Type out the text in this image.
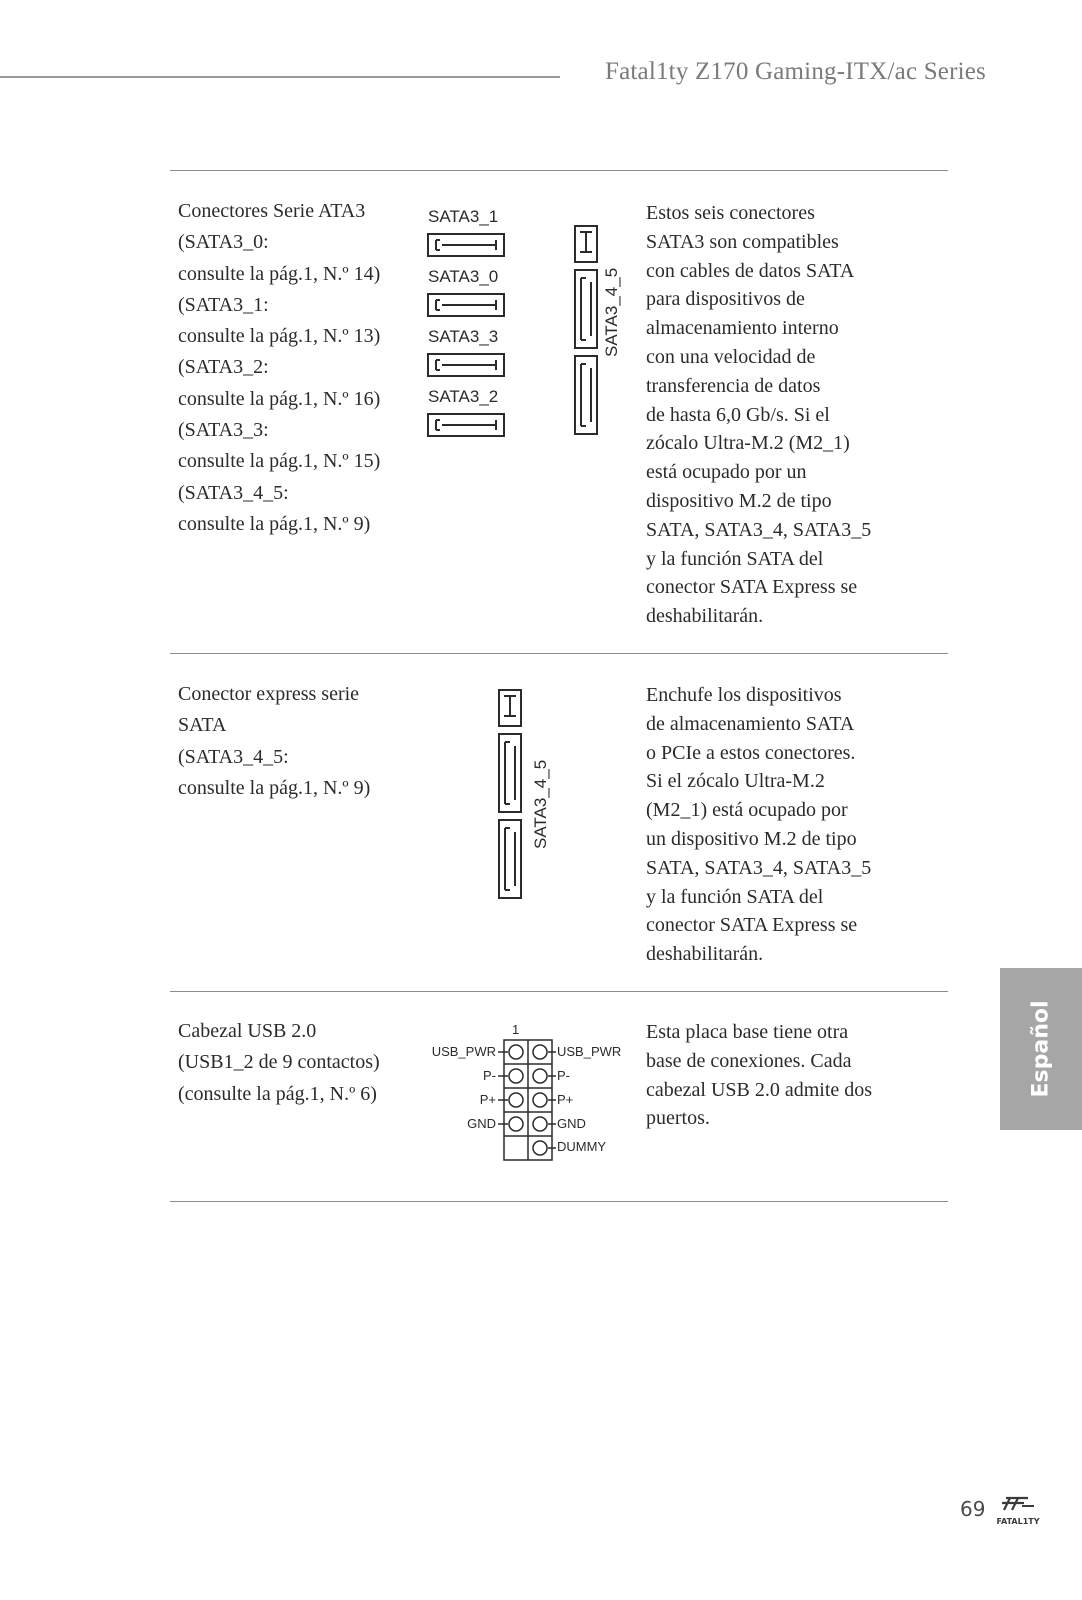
Fatal1ty Z170 Gaming-ITX/ac Series
Conectores Serie ATA3
(SATA3_0:
consulte la pág.1, N.º 14)
(SATA3_1:
consulte la pág.1, N.º 13)
(SATA3_2:
consulte la pág.1, N.º 16)
(SATA3_3:
consulte la pág.1, N.º 15)
(SATA3_4_5:
consulte la pág.1, N.º 9)
SATA3_1
SATA3_0
SATA3_3
SATA3_2
SATA3_4_5
Estos seis conectores
SATA3 son compatibles
con cables de datos SATA
para dispositivos de
almacenamiento interno
con una velocidad de
transferencia de datos
de hasta 6,0 Gb/s. Si el
zócalo Ultra-M.2 (M2_1)
está ocupado por un
dispositivo M.2 de tipo
SATA, SATA3_4, SATA3_5
y la función SATA del
conector SATA Express se
deshabilitarán.
Conector express serie
SATA
(SATA3_4_5:
consulte la pág.1, N.º 9)	SATA3_4_5
Enchufe los dispositivos
de almacenamiento SATA
o PCIe a estos conectores.
Si el zócalo Ultra-M.2
(M2_1) está ocupado por
un dispositivo M.2 de tipo
SATA, SATA3_4, SATA3_5
y la función SATA del
conector SATA Express se
deshabilitarán.
Cabezal USB 2.0
(USB1_2 de 9 contactos)
(consulte la pág.1, N.º 6)
1
USB_PWR
P-
P+
GND
USB_PWR
P-
P+
GND
DUMMY
Esta placa base tiene otra
base de conexiones. Cada
cabezal USB 2.0 admite dos
puertos.
Español
69
FATAL1TY
